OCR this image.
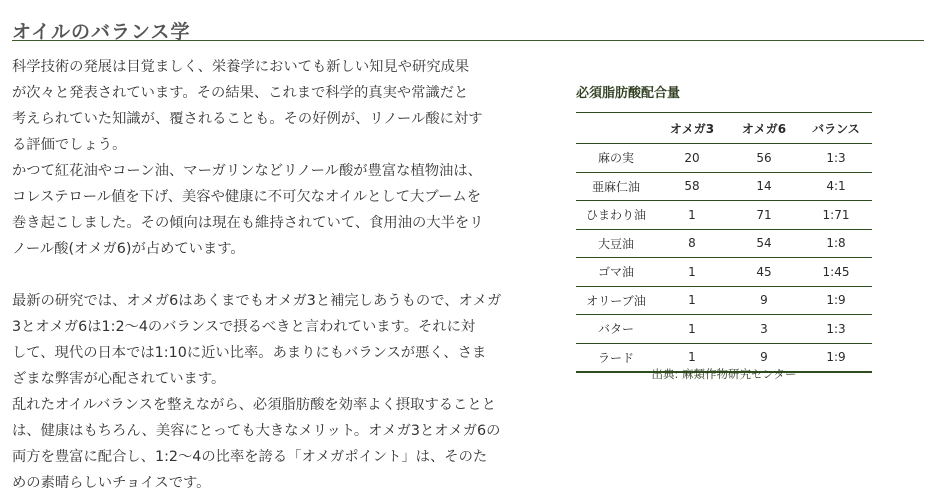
オイルのバランス学

科学技術の発展は目覚ましく、栄養学においても新しい知見や研究成果

が次々と発表されています。その結果、これまで科学的真実や常識だと

考えられていた知識が、覆されることも。その好例が、リノール酸に対す

る評価でしょう。

かつて紅花油やコーン油、マーガリンなどリノール酸が豊富な植物油は、

コレステロール値を下げ、美容や健康に不可欠なオイルとして大ブームを

巻き起こしました。その傾向は現在も維持されていて、食用油の大半をリ

ノール酸(オメガ6)が占めています。

最新の研究では、オメガ6はあくまでもオメガ3と補完しあうもので、オメガ

3とオメガ6は1:2～4のバランスで摂るべきと言われています。それに対

して、現代の日本では1:10に近い比率。あまりにもバランスが悪く、さま

ざまな弊害が心配されています。

乱れたオイルバランスを整えながら、必須脂肪酸を効率よく摂取することと

は、健康はもちろん、美容にとっても大きなメリット。オメガ3とオメガ6の

両方を豊富に配合し、1:2～4の比率を誇る「オメガポイント」は、そのた

めの素晴らしいチョイスです。

必須脂肪酸配合量
	オメガ3	オメガ6	バランス
麻の実	20	56	1:3
亜麻仁油	58	14	4:1
ひまわり油	1	71	1:71
大豆油	8	54	1:8
ゴマ油	1	45	1:45
オリーブ油	1	9	1:9
バター	1	3	1:3
ラード	1	9	1:9
出典: 麻類作物研究センター
